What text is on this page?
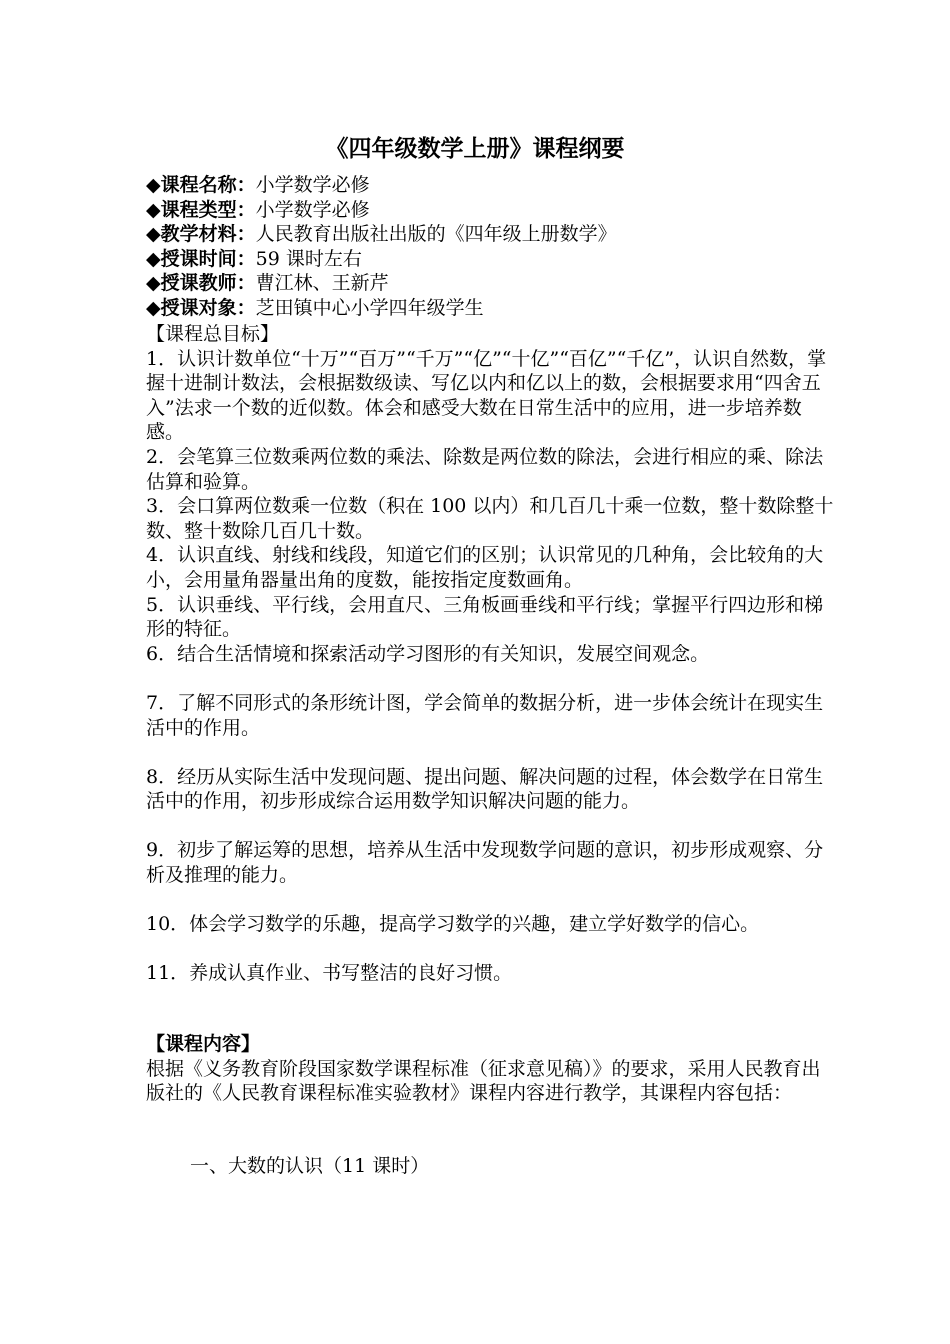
《四年级数学上册》课程纲要
◆课程名称：小学数学必修
◆课程类型：小学数学必修
◆教学材料：人民教育出版社出版的《四年级上册数学》
◆授课时间：59 课时左右
◆授课教师：曹江林、王新芹
◆授课对象：芝田镇中心小学四年级学生
【课程总目标】

1．认识计数单位“十万”“百万”“千万”“亿”“十亿”“百亿”“千亿”，认识自然数，掌握十进制计数法，会根据数级读、写亿以内和亿以上的数，会根据要求用“四舍五入”法求一个数的近似数。体会和感受大数在日常生活中的应用，进一步培养数感。

2．会笔算三位数乘两位数的乘法、除数是两位数的除法，会进行相应的乘、除法估算和验算。

3．会口算两位数乘一位数（积在 100 以内）和几百几十乘一位数，整十数除整十数、整十数除几百几十数。

4．认识直线、射线和线段，知道它们的区别；认识常见的几种角，会比较角的大小，会用量角器量出角的度数，能按指定度数画角。

5．认识垂线、平行线，会用直尺、三角板画垂线和平行线；掌握平行四边形和梯形的特征。

6．结合生活情境和探索活动学习图形的有关知识，发展空间观念。

7．了解不同形式的条形统计图，学会简单的数据分析，进一步体会统计在现实生活中的作用。

8．经历从实际生活中发现问题、提出问题、解决问题的过程，体会数学在日常生活中的作用，初步形成综合运用数学知识解决问题的能力。

9．初步了解运筹的思想，培养从生活中发现数学问题的意识，初步形成观察、分析及推理的能力。

10．体会学习数学的乐趣，提高学习数学的兴趣，建立学好数学的信心。

11．养成认真作业、书写整洁的良好习惯。

【课程内容】

根据《义务教育阶段国家数学课程标准（征求意见稿）》的要求，采用人民教育出版社的《人民教育课程标准实验教材》课程内容进行教学，其课程内容包括：

一、大数的认识（11 课时）
